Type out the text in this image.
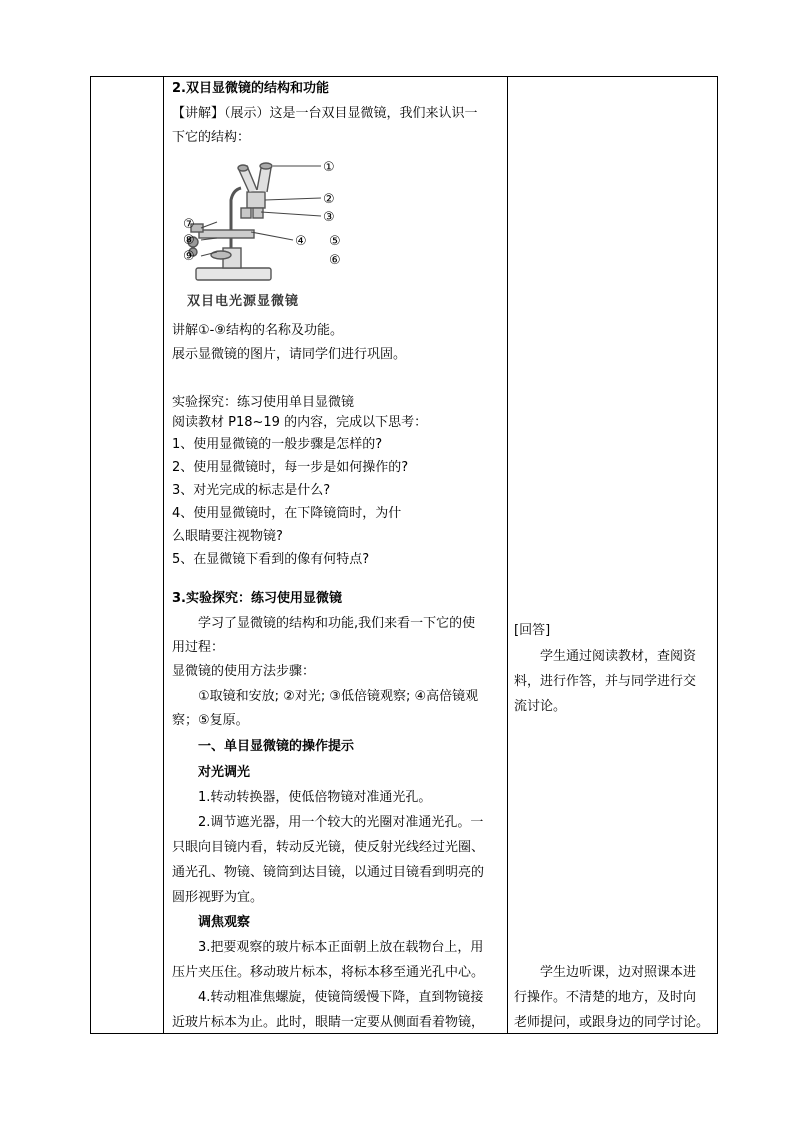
2.双目显微镜的结构和功能
【讲解】（展示）这是一台双目显微镜，我们来认识一
下它的结构：
①
②
③
④ ⑤
⑥
⑦
⑧
⑨
双目电光源显微镜
讲解①-⑨结构的名称及功能。
展示显微镜的图片，请同学们进行巩固。
实验探究：练习使用单目显微镜
阅读教材 P18~19 的内容，完成以下思考：
1、使用显微镜的一般步骤是怎样的?
2、使用显微镜时，每一步是如何操作的?
3、对光完成的标志是什么?
4、使用显微镜时，在下降镜筒时，为什
么眼睛要注视物镜?
5、在显微镜下看到的像有何特点?
3.实验探究：练习使用显微镜
学习了显微镜的结构和功能,我们来看一下它的使
用过程：
显微镜的使用方法步骤：
①取镜和安放; ②对光; ③低倍镜观察; ④高倍镜观
察；⑤复原。
一、单目显微镜的操作提示
对光调光
1.转动转换器，使低倍物镜对准通光孔。
2.调节遮光器，用一个较大的光圈对准通光孔。一
只眼向目镜内看，转动反光镜，使反射光线经过光圈、
通光孔、物镜、镜筒到达目镜，以通过目镜看到明亮的
圆形视野为宜。
调焦观察
3.把要观察的玻片标本正面朝上放在载物台上，用
压片夹压住。移动玻片标本，将标本移至通光孔中心。
4.转动粗准焦螺旋，使镜筒缓慢下降，直到物镜接
近玻片标本为止。此时，眼睛一定要从侧面看着物镜，
[回答]
学生通过阅读教材，查阅资
料，进行作答，并与同学进行交
流讨论。
学生边听课，边对照课本进
行操作。不清楚的地方，及时向
老师提问，或跟身边的同学讨论。
